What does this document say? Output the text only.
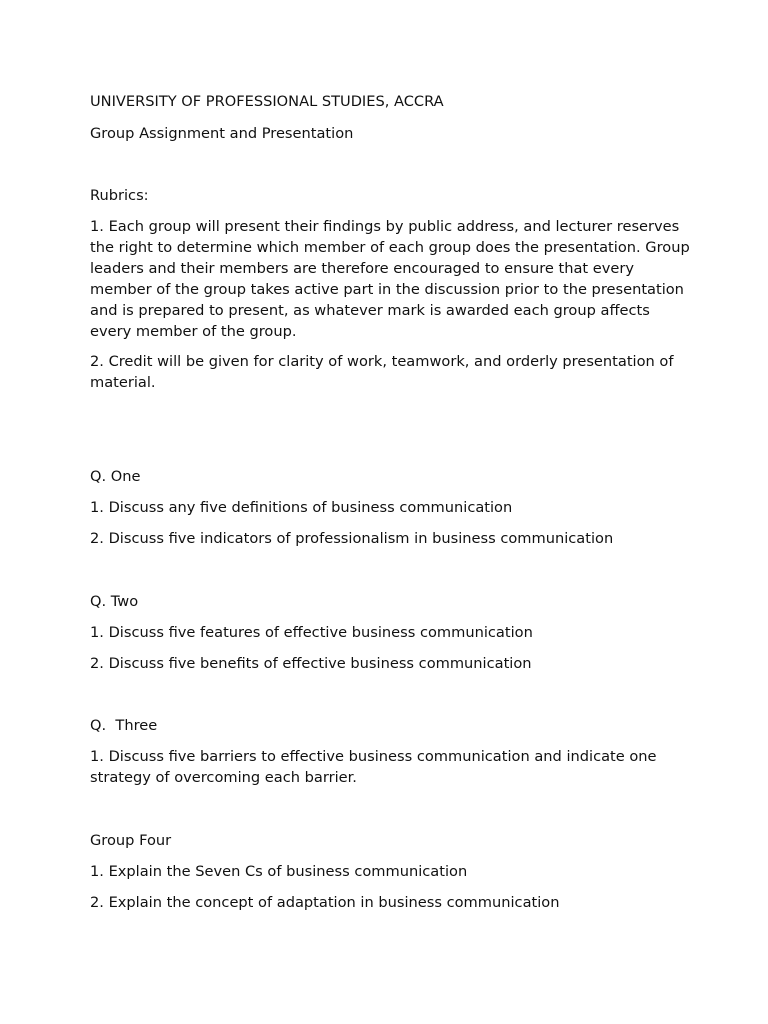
UNIVERSITY OF PROFESSIONAL STUDIES, ACCRA

Group Assignment and Presentation

Rubrics:

1. Each group will present their findings by public address, and lecturer reserves the right to determine which member of each group does the presentation. Group leaders and their members are therefore encouraged to ensure that every member of the group takes active part in the discussion prior to the presentation and is prepared to present, as whatever mark is awarded each group affects every member of the group.

2. Credit will be given for clarity of work, teamwork, and orderly presentation of material.

Q. One

1. Discuss any five definitions of business communication

2. Discuss five indicators of professionalism in business communication

Q. Two

1. Discuss five features of effective business communication

2. Discuss five benefits of effective business communication

Q.  Three

1. Discuss five barriers to effective business communication and indicate one strategy of overcoming each barrier.

Group Four

1. Explain the Seven Cs of business communication

2. Explain the concept of adaptation in business communication
